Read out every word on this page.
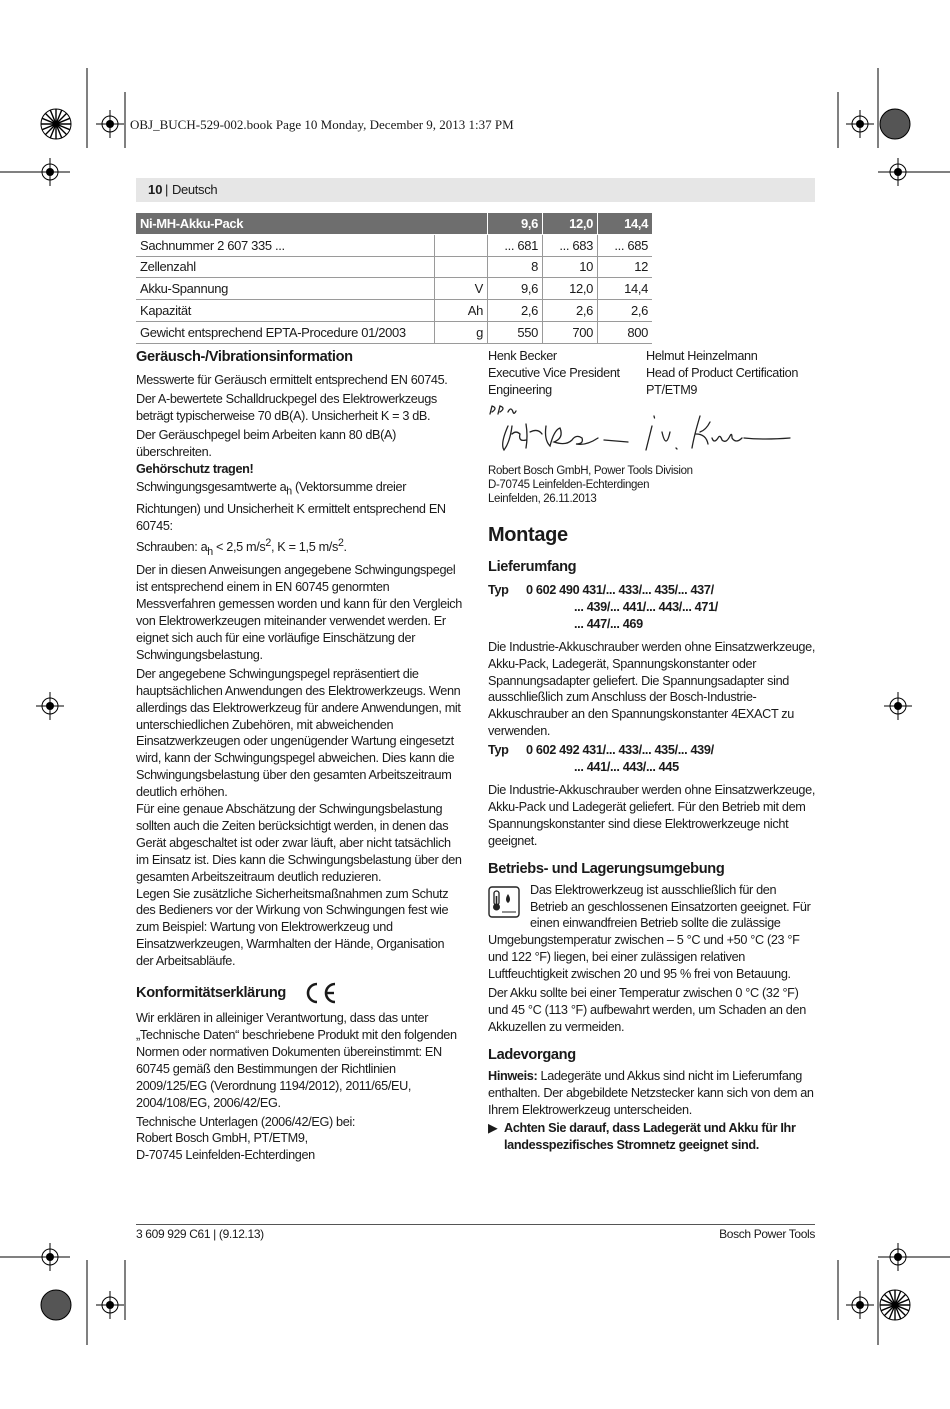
OBJ_BUCH-529-002.book Page 10 Monday, December 9, 2013 1:37 PM
10 | Deutsch
Ni-MH-Akku-Pack		9,6	12,0	14,4
Sachnummer 2 607 335 ...		... 681	... 683	... 685
Zellenzahl		8	10	12
Akku-Spannung	V	9,6	12,0	14,4
Kapazität	Ah	2,6	2,6	2,6
Gewicht entsprechend EPTA-Procedure 01/2003	g	550	700	800
Geräusch-/Vibrationsinformation

Messwerte für Geräusch ermittelt entsprechend EN 60745.

Der A-bewertete Schalldruckpegel des Elektrowerkzeugs beträgt typischerweise 70 dB(A). Unsicherheit K = 3 dB.

Der Geräuschpegel beim Arbeiten kann 80 dB(A) überschreiten.

Gehörschutz tragen!

Schwingungsgesamtwerte $a_h$ (Vektorsumme dreier Richtungen) und Unsicherheit K ermittelt entsprechend EN 60745:
Schrauben: $a_h < 2,5$ $m/s^2$, K = 1,5 $m/s^2$.

Der in diesen Anweisungen angegebene Schwingungspegel ist entsprechend einem in EN 60745 genormten Messverfahren gemessen worden und kann für den Vergleich von Elektrowerkzeugen miteinander verwendet werden. Er eignet sich auch für eine vorläufige Einschätzung der Schwingungsbelastung.

Der angegebene Schwingungspegel repräsentiert die hauptsächlichen Anwendungen des Elektrowerkzeugs. Wenn allerdings das Elektrowerkzeug für andere Anwendungen, mit unterschiedlichen Zubehören, mit abweichenden Einsatzwerkzeugen oder ungenügender Wartung eingesetzt wird, kann der Schwingungspegel abweichen. Dies kann die Schwingungsbelastung über den gesamten Arbeitszeitraum deutlich erhöhen.

Für eine genaue Abschätzung der Schwingungsbelastung sollten auch die Zeiten berücksichtigt werden, in denen das Gerät abgeschaltet ist oder zwar läuft, aber nicht tatsächlich im Einsatz ist. Dies kann die Schwingungsbelastung über den gesamten Arbeitszeitraum deutlich reduzieren.

Legen Sie zusätzliche Sicherheitsmaßnahmen zum Schutz des Bedieners vor der Wirkung von Schwingungen fest wie zum Beispiel: Wartung von Elektrowerkzeug und Einsatzwerkzeugen, Warmhalten der Hände, Organisation der Arbeitsabläufe.

Konformitätserklärung

Wir erklären in alleiniger Verantwortung, dass das unter „Technische Daten“ beschriebene Produkt mit den folgenden Normen oder normativen Dokumenten übereinstimmt: EN 60745 gemäß den Bestimmungen der Richtlinien 2009/125/EG (Verordnung 1194/2012), 2011/65/EU, 2004/108/EG, 2006/42/EG.

Technische Unterlagen (2006/42/EG) bei:

Robert Bosch GmbH, PT/ETM9,

D-70745 Leinfelden-Echterdingen

Henk Becker
Executive Vice President
Engineering
Helmut Heinzelmann
Head of Product Certification
PT/ETM9
Robert Bosch GmbH, Power Tools Division
D-70745 Leinfelden-Echterdingen
Leinfelden, 26.11.2013
Montage
Lieferumfang
Typ	0 602 490 431/... 433/... 435/... 437/
... 439/... 441/... 443/... 471/
... 447/... 469

Die Industrie-Akkuschrauber werden ohne Einsatzwerkzeuge, Akku-Pack, Ladegerät, Spannungskonstanter oder Spannungsadapter geliefert. Die Spannungsadapter sind ausschließlich zum Anschluss der Bosch-Industrie-Akkuschrauber an den Spannungskonstanter 4EXACT zu verwenden.

Typ	0 602 492 431/... 433/... 435/... 439/
... 441/... 443/... 445

Die Industrie-Akkuschrauber werden ohne Einsatzwerkzeuge, Akku-Pack und Ladegerät geliefert. Für den Betrieb mit dem Spannungskonstanter sind diese Elektrowerkzeuge nicht geeignet.

Betriebs- und Lagerungsumgebung

Das Elektrowerkzeug ist ausschließlich für den Betrieb an geschlossenen Einsatzorten geeignet. Für einen einwandfreien Betrieb sollte die zulässige Umgebungstemperatur zwischen – 5 °C und +50 °C (23 °F und 122 °F) liegen, bei einer zulässigen relativen Luftfeuchtigkeit zwischen 20 und 95 % frei von Betauung.

Der Akku sollte bei einer Temperatur zwischen 0 °C (32 °F) und 45 °C (113 °F) aufbewahrt werden, um Schaden an den Akkuzellen zu vermeiden.

Ladevorgang

Hinweis: Ladegeräte und Akkus sind nicht im Lieferumfang enthalten. Der abgebildete Netzstecker kann sich von dem an Ihrem Elektrowerkzeug unterscheiden.

▶ Achten Sie darauf, dass Ladegerät und Akku für Ihr landesspezifisches Stromnetz geeignet sind.
3 609 929 C61 | (9.12.13)	Bosch Power Tools
